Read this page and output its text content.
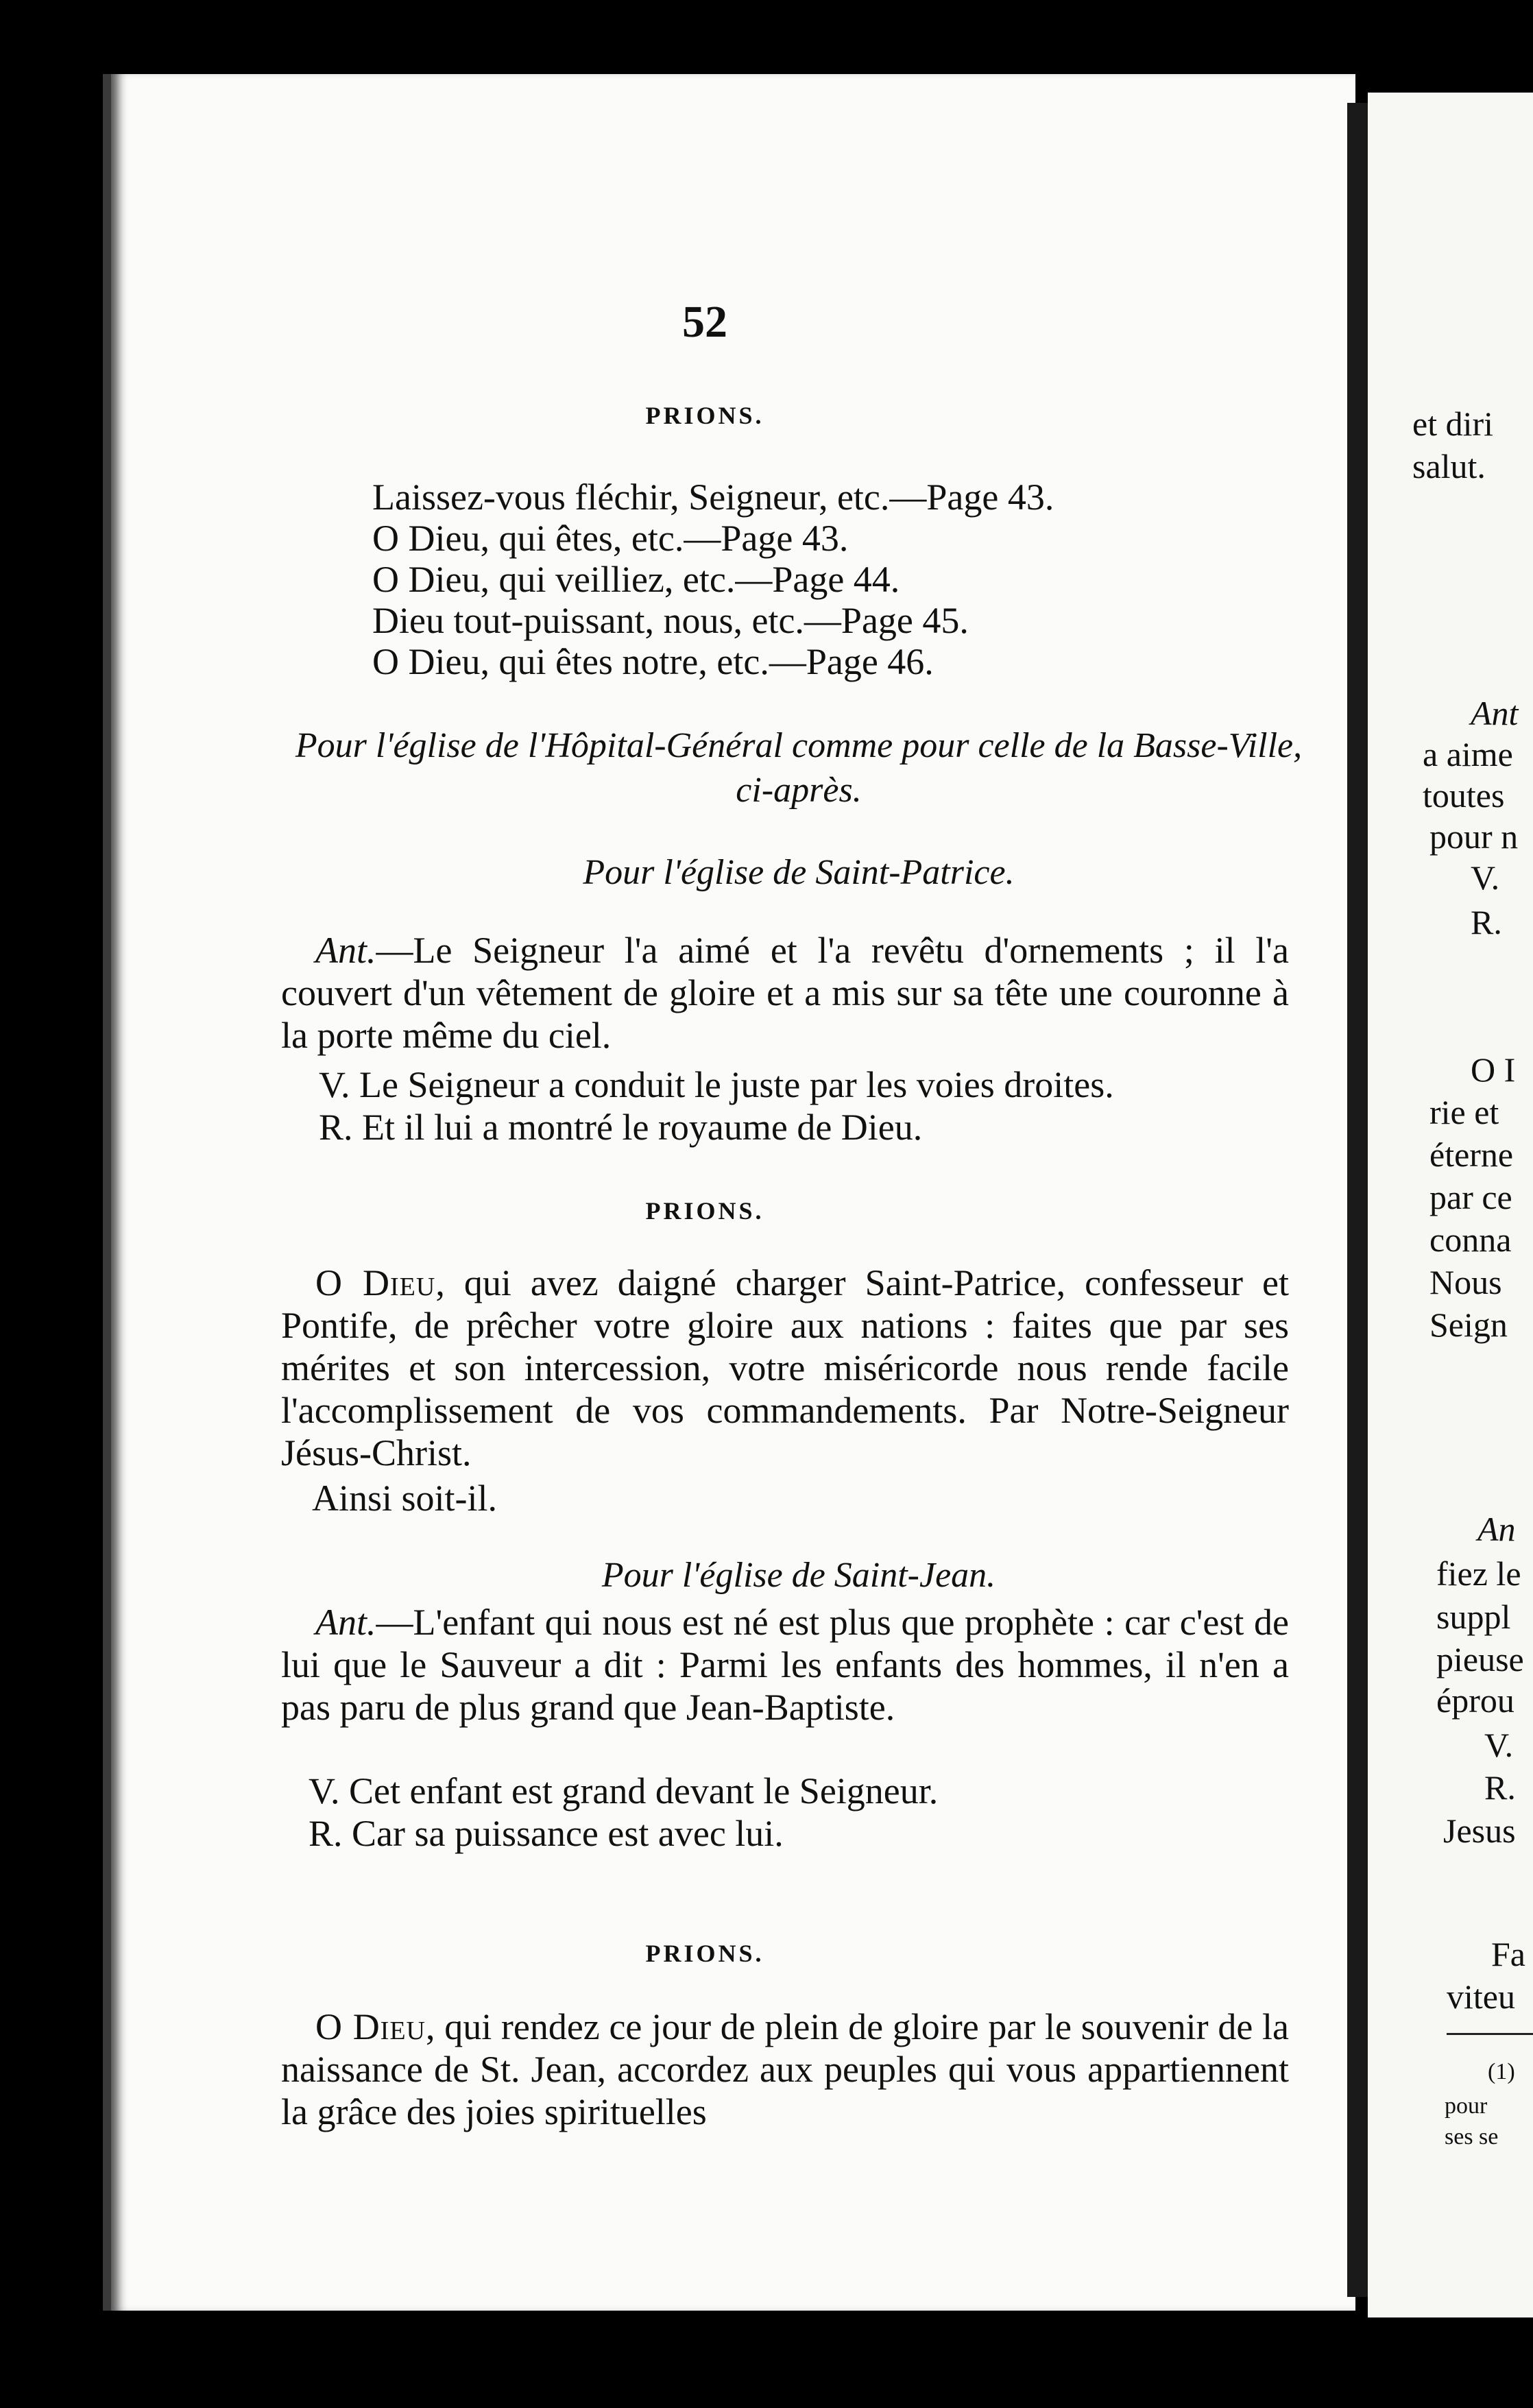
et diri
salut.
Ant
a aime
toutes
pour n
V.
R.
O I
rie et
éterne
par ce
conna
Nous
Seign
An
fiez le
suppl
pieuse
éprou
V.
R.
Jesus
Fa
viteu
(1)
pour
ses se
52
PRIONS.
Laissez-vous fléchir, Seigneur, etc.—Page 43.
O Dieu, qui êtes, etc.—Page 43.
O Dieu, qui veilliez, etc.—Page 44.
Dieu tout-puissant, nous, etc.—Page 45.
O Dieu, qui êtes notre, etc.—Page 46.
Pour l'église de l'Hôpital-Général comme pour celle de la Basse-Ville, ci-après.
Pour l'église de Saint-Patrice.
Ant.—Le Seigneur l'a aimé et l'a revêtu d'ornements ; il l'a couvert d'un vêtement de gloire et a mis sur sa tête une couronne à la porte même du ciel.
V. Le Seigneur a conduit le juste par les voies droites.
R. Et il lui a montré le royaume de Dieu.
PRIONS.
O Dieu, qui avez daigné charger Saint-Patrice, confesseur et Pontife, de prêcher votre gloire aux nations : faites que par ses mérites et son intercession, votre miséricorde nous rende facile l'accomplissement de vos commandements. Par Notre-Seigneur Jésus-Christ.
Ainsi soit-il.
Pour l'église de Saint-Jean.
Ant.—L'enfant qui nous est né est plus que prophète : car c'est de lui que le Sauveur a dit : Parmi les enfants des hommes, il n'en a pas paru de plus grand que Jean-Baptiste.
V. Cet enfant est grand devant le Seigneur.
R. Car sa puissance est avec lui.
PRIONS.
O Dieu, qui rendez ce jour de plein de gloire par le souvenir de la naissance de St. Jean, accordez aux peuples qui vous appartiennent la grâce des joies spirituelles
